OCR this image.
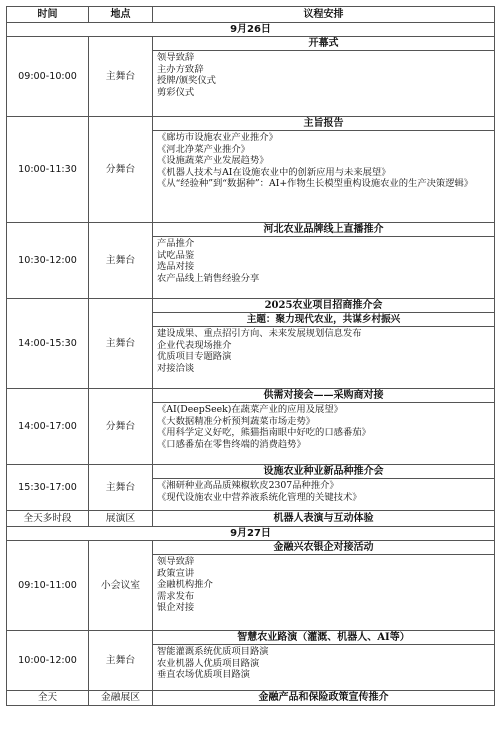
时间	地点	议程安排
9月26日		
09:00-10:00	主舞台	开幕式

		领导致辞
主办方致辞
授牌/颁奖仪式
剪彩仪式

10:00-11:30	分舞台	主旨报告

		《廊坊市设施农业产业推介》
《河北净菜产业推介》
《设施蔬菜产业发展趋势》
《机器人技术与AI在设施农业中的创新应用与未来展望》
《从“经验种”到“数据种”：AI+作物生长模型重构设施农业的生产决策逻辑》

10:30-12:00	主舞台	河北农业品牌线上直播推介

		产品推介
试吃品鉴
选品对接
农产品线上销售经验分享

14:00-15:30	主舞台	2025农业项目招商推介会
		主题：聚力现代农业，共谋乡村振兴

		建设成果、重点招引方向、未来发展规划信息发布
企业代表现场推介
优质项目专题路演
对接洽谈

14:00-17:00	分舞台	供需对接会——采购商对接

		《AI(DeepSeek)在蔬菜产业的应用及展望》
《大数据精准分析预判蔬菜市场走势》
《用科学定义好吃，熊猫指南眼中好吃的口感番茄》
《口感番茄在零售终端的消费趋势》

15:30-17:00	主舞台	设施农业种业新品种推介会

		《湘研种业高品质辣椒软皮2307品种推介》
《现代设施农业中营养液系统化管理的关键技术》

全天多时段	展演区	机器人表演与互动体验
9月27日		
09:10-11:00	小会议室	金融兴农银企对接活动

		领导致辞
政策宣讲
金融机构推介
需求发布
银企对接

10:00-12:00	主舞台	智慧农业路演（灌溉、机器人、AI等）

		智能灌溉系统优质项目路演
农业机器人优质项目路演
垂直农场优质项目路演

全天	金融展区	金融产品和保险政策宣传推介
